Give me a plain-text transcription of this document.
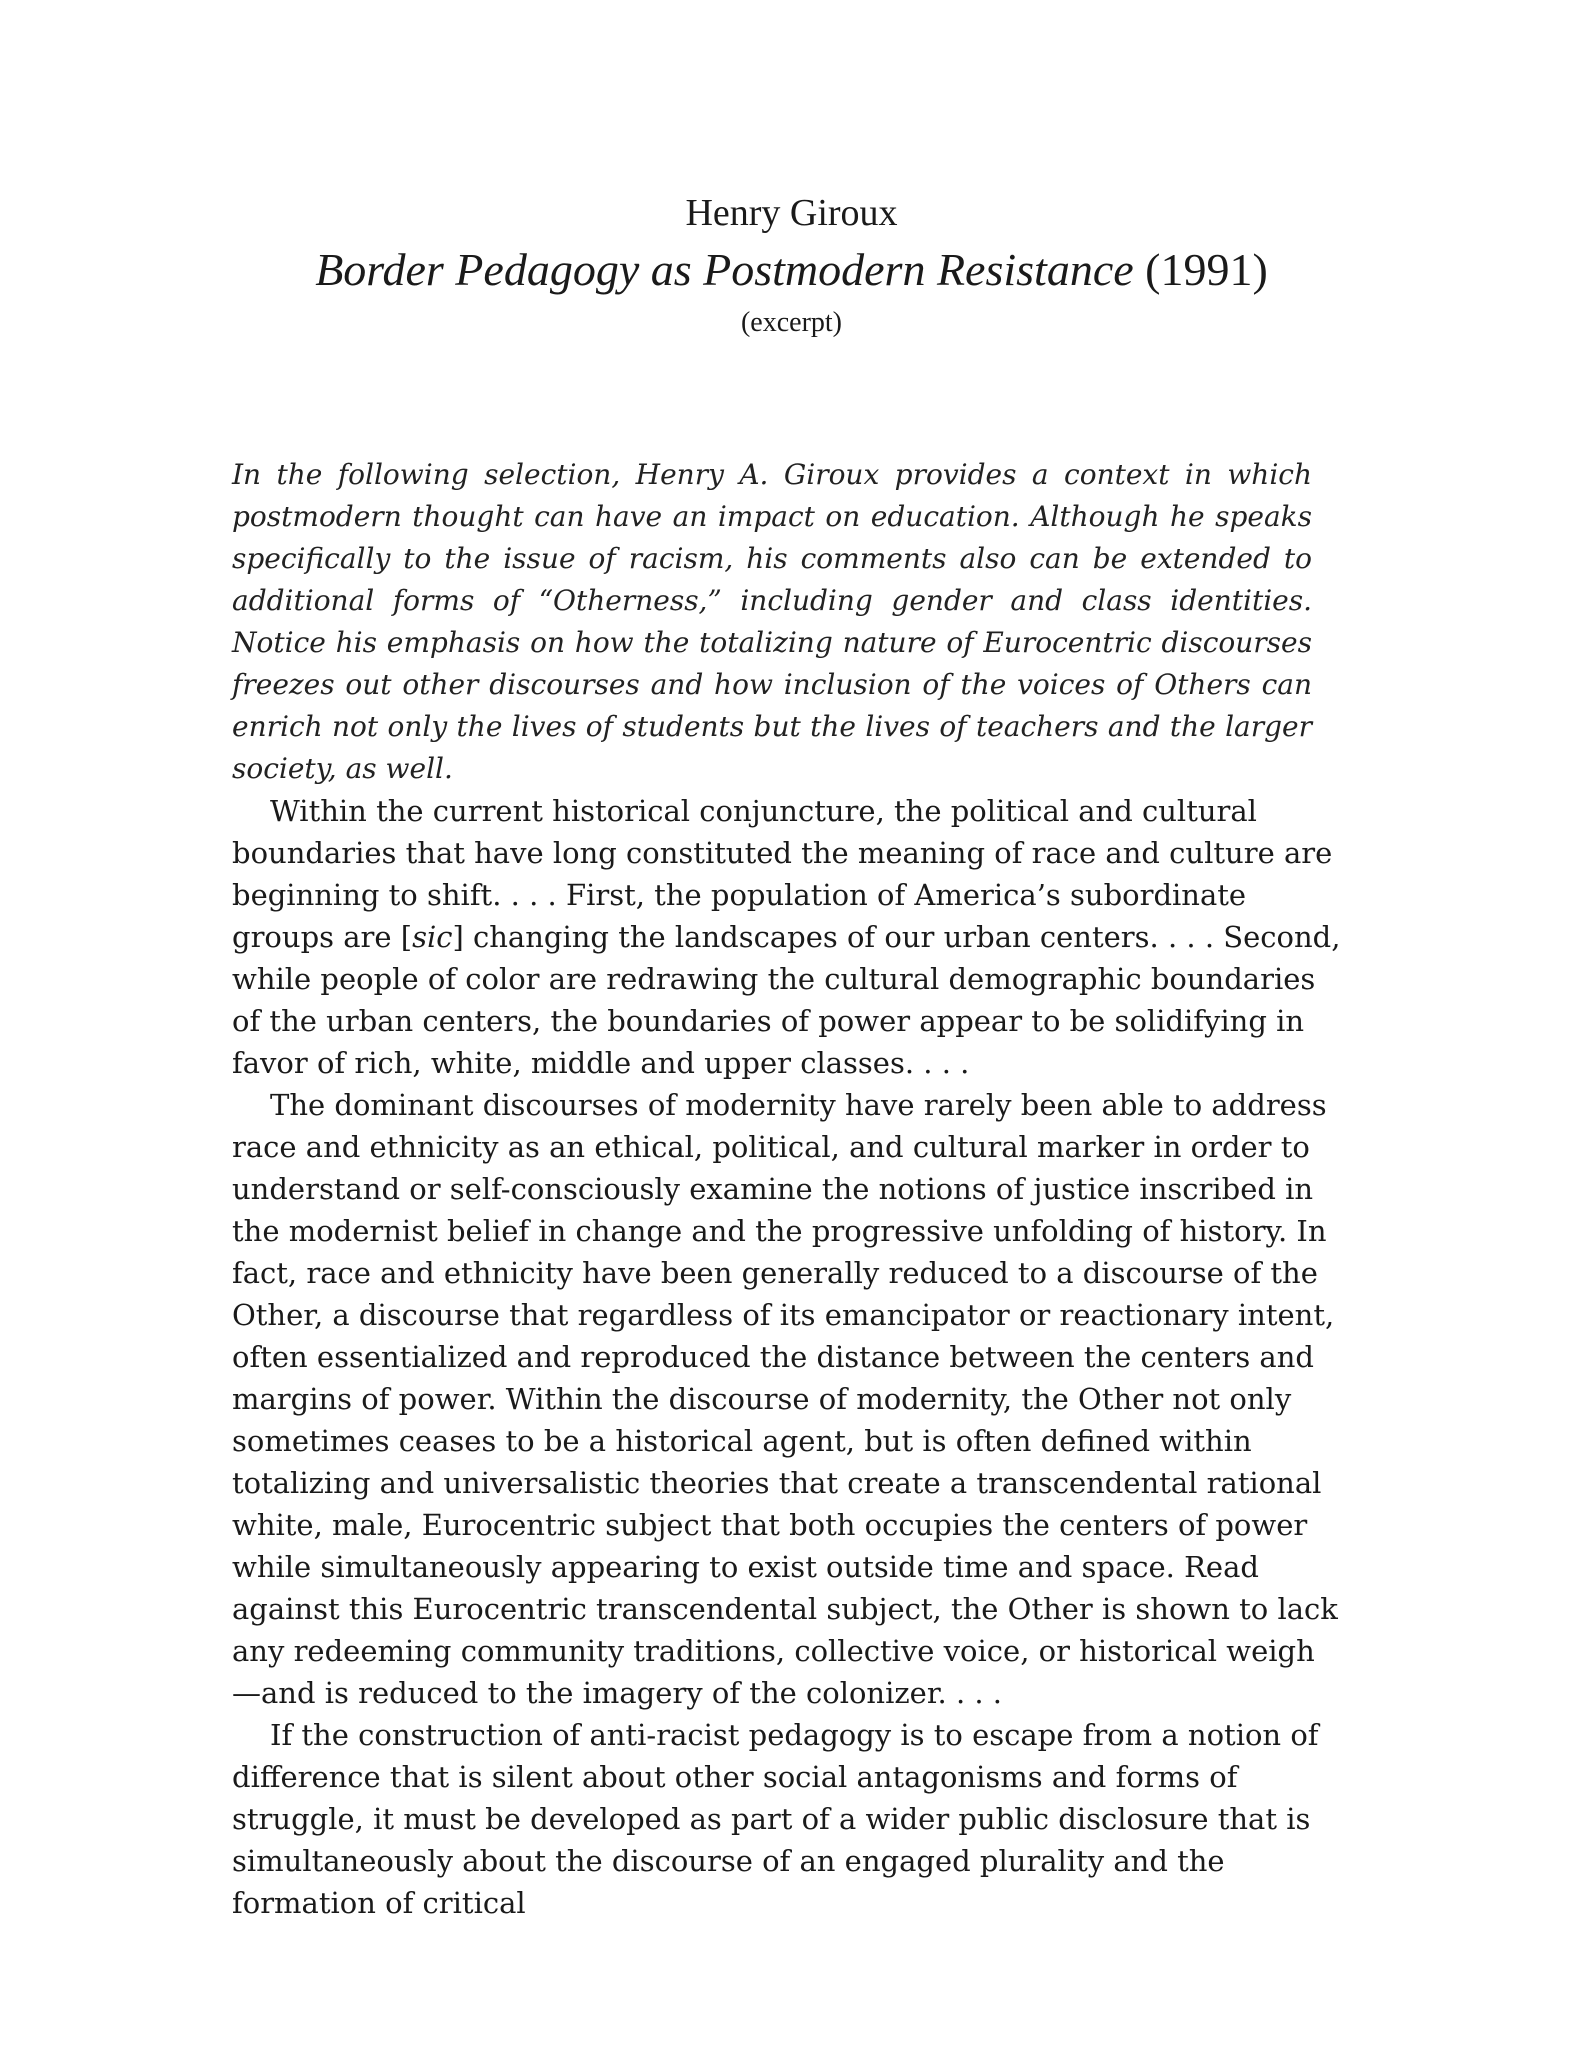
Henry Giroux
Border Pedagogy as Postmodern Resistance (1991)
(excerpt)
In the following selection, Henry A. Giroux provides a context in which postmodern thought can have an impact on education. Although he speaks specifically to the issue of racism, his comments also can be extended to additional forms of “Otherness,” including gender and class identities. Notice his emphasis on how the totalizing nature of Eurocentric discourses freezes out other discourses and how inclusion of the voices of Others can enrich not only the lives of students but the lives of teachers and the larger society, as well.

Within the current historical conjuncture, the political and cultural boundaries that have long constituted the meaning of race and culture are beginning to shift. . . . First, the population of America’s subordinate groups are [sic] changing the landscapes of our urban centers. . . . Second, while people of color are redrawing the cultural demographic boundaries of the urban centers, the boundaries of power appear to be solidifying in favor of rich, white, middle and upper classes. . . .

The dominant discourses of modernity have rarely been able to address race and ethnicity as an ethical, political, and cultural marker in order to understand or self-consciously examine the notions of justice inscribed in the modernist belief in change and the progressive unfolding of history. In fact, race and ethnicity have been generally reduced to a discourse of the Other, a discourse that regardless of its emancipator or reactionary intent, often essentialized and reproduced the distance between the centers and margins of power. Within the discourse of modernity, the Other not only sometimes ceases to be a historical agent, but is often defined within totalizing and universalistic theories that create a transcendental rational white, male, Eurocentric subject that both occupies the centers of power while simultaneously appearing to exist outside time and space. Read against this Eurocentric transcendental subject, the Other is shown to lack any redeeming community traditions, collective voice, or historical weigh—and is reduced to the imagery of the colonizer. . . .

If the construction of anti-racist pedagogy is to escape from a notion of difference that is silent about other social antagonisms and forms of struggle, it must be developed as part of a wider public disclosure that is simultaneously about the discourse of an engaged plurality and the formation of critical
